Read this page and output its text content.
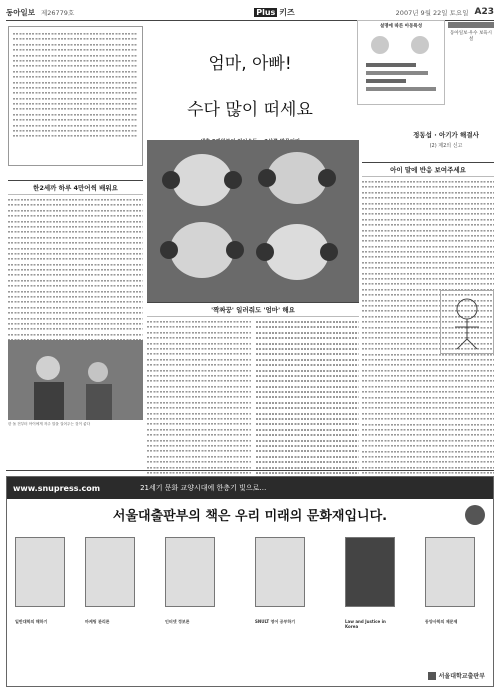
동아일보 제26779호	Plus 키즈	2007년 9월 22일 토요일 A23
엄마, 아빠!
수다 많이 떠세요
설명에 따른 아동특성
동아일보·우수 보육시설
정동섭 · 아기가 해결사
(2) 제2의 신고
한2세까 하루 4만어씩 배워요
한 돌 전부터 아이에게 자주 말을 걸어주는 것이 좋다
'짝짜꿍' 일러줘도 '엄마' 해요
아이 말에 반응 보여주세요
www.snupress.com	21세기 문화 교양시대에 한층기 빛으로…
서울대출판부의 책은 우리 미래의 문화재입니다.
일반대학의 해하기	마케팅 관리론	인터넷 정보론	SNULT 영어 공부하기	Law and Justice in Korea
동양사학의 제문제
서울대학교출판부
